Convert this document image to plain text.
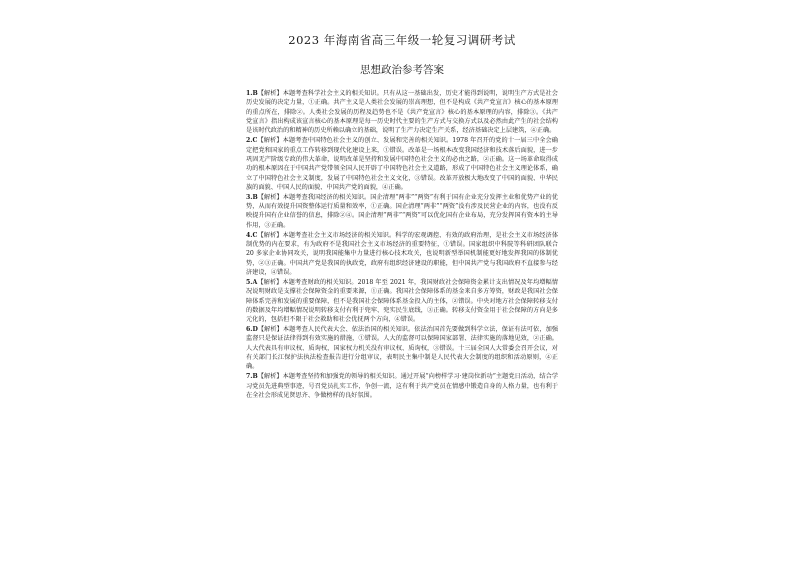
2023 年海南省高三年级一轮复习调研考试
思想政治参考答案

1.B【解析】本题考查科学社会主义的相关知识。只有从这一基础出发，历史才能得到说明，说明生产方式是社会历史发展的决定力量，①正确。共产主义是人类社会发展的崇高理想，但不是构成《共产党宣言》核心的基本原理的重点所在，排除②。人类社会发展的历程及趋势也不是《共产党宣言》核心的基本原理的内容，排除③。《共产党宣言》指出构成该宣言核心的基本原理是每一历史时代主要的生产方式与交换方式以及必然由此产生的社会结构是该时代政治的和精神的历史所赖以确立的基础，说明了生产力决定生产关系，经济基础决定上层建筑，④正确。

2.C【解析】本题考查中国特色社会主义的创立、发展和完善的相关知识。1978 年召开的党的十一届三中全会确定把党和国家的重点工作转移到现代化建设上来，①错误。改革是一场根本改变我国经济和技术落后面貌，进一步巩固无产阶级专政的伟大革命，说明改革是坚持和发展中国特色社会主义的必由之路，②正确。这一场革命取得成功的根本原因在于中国共产党带领全国人民开辟了中国特色社会主义道路，形成了中国特色社会主义理论体系，确立了中国特色社会主义制度，发展了中国特色社会主义文化，③错误。改革开放极大地改变了中国的面貌、中华民族的面貌、中国人民的面貌、中国共产党的面貌，④正确。

3.B【解析】本题考查我国经济的相关知识。国企清理“两非”“两资”有利于国有企业充分发挥主业和优势产业的优势，从而有效提升国资整体运行质量和效率，①正确。国企清理“两非”“两资”没有涉及民营企业的内容，也没有反映提升国有企业信誉的信息，排除②④。国企清理“两非”“两资”可以优化国有企业布局，充分发挥国有资本的主导作用，③正确。

4.C【解析】本题考查社会主义市场经济的相关知识。科学的宏观调控、有效的政府治理，是社会主义市场经济体制优势的内在要求，有为政府不是我国社会主义市场经济的重要特征，①错误。国家组织中科院等科研团队联合 20 多家企业协同攻关，说明我国能集中力量进行核心技术攻关，也说明新型举国机制能更好地发挥我国的体制优势，②③正确。中国共产党是我国的执政党，政府有组织经济建设的职能，但中国共产党与我国政府不直接参与经济建设，④错误。

5.A【解析】本题考查财政的相关知识。2018 年至 2021 年，我国财政社会保障资金累计支出情况及年均增幅情况说明财政是支撑社会保障资金的重要来源，①正确。我国社会保障体系的基金来自多方筹资，财政是我国社会保障体系完善和发展的重要保障，但不是我国社会保障体系基金投入的主体，②错误。中央对地方社会保障转移支付的数据及年均增幅情况说明转移支付有利于兜牢、兜实民生底线，③正确。转移支付资金用于社会保障的方向是多元化的，包括但不限于社会救助和社会优抚两个方向，④错误。

6.D【解析】本题考查人民代表大会、依法治国的相关知识。依法治国首先要做到科学立法，保证有法可依，加强监督只是保证法律得到有效实施的措施，①错误。人大的监督可以保障国家部署、法律实施的落地见效，②正确。人大代表具有审议权、质询权，国家权力机关没有审议权、质询权，③错误。十三届全国人大常委会召开会议，对有关部门长江保护法执法检查报告进行分组审议，表明民主集中制是人民代表大会制度的组织和活动原则，④正确。

7.B【解析】本题考查坚持和加强党的领导的相关知识。通过开展“向榜样学习·建岗位新功”主题党日活动，结合学习党员先进典型事迹，号召党员扎实工作，争创一流，这有利于共产党员在情感中锻造自身的人格力量，也有利于在全社会形成见贤思齐、争做榜样的良好氛围。
